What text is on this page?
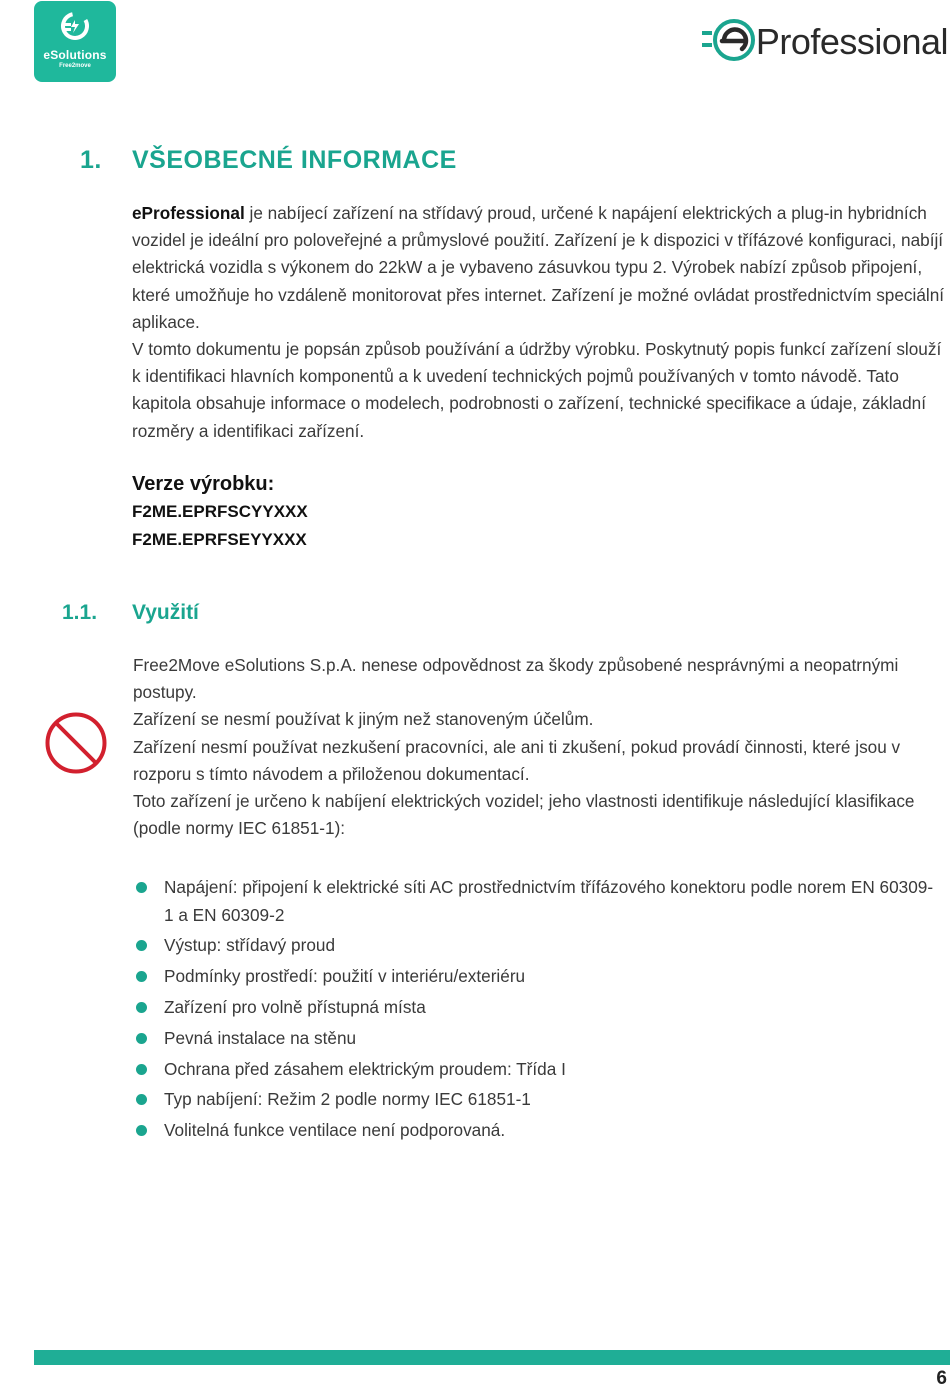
eSolutions
Free2move
Professional
1. VŠEOBECNÉ INFORMACE

eProfessional je nabíjecí zařízení na střídavý proud, určené k napájení elektrických a plug-in hybridních vozidel je ideální pro poloveřejné a průmyslové použití. Zařízení je k dispozici v třífázové konfiguraci, nabíjí elektrická vozidla s výkonem do 22kW a je vybaveno zásuvkou typu 2. Výrobek nabízí způsob připojení, které umožňuje ho vzdáleně monitorovat přes internet. Zařízení je možné ovládat prostřednictvím speciální aplikace.

V tomto dokumentu je popsán způsob používání a údržby výrobku. Poskytnutý popis funkcí zařízení slouží k identifikaci hlavních komponentů a k uvedení technických pojmů používaných v tomto návodě. Tato kapitola obsahuje informace o modelech, podrobnosti o zařízení, technické specifikace a údaje, základní rozměry a identifikaci zařízení.

Verze výrobku:
F2ME.EPRFSCYYXXX
F2ME.EPRFSEYYXXX
1.1. Využití

Free2Move eSolutions S.p.A. nenese odpovědnost za škody způsobené nesprávnými a neopatrnými postupy.

Zařízení se nesmí používat k jiným než stanoveným účelům.

Zařízení nesmí používat nezkušení pracovníci, ale ani ti zkušení, pokud provádí činnosti, které jsou v rozporu s tímto návodem a přiloženou dokumentací.

Toto zařízení je určeno k nabíjení elektrických vozidel; jeho vlastnosti identifikuje následující klasifikace (podle normy IEC 61851-1):

Napájení: připojení k elektrické síti AC prostřednictvím třífázového konektoru podle norem EN 60309-1 a EN 60309-2
Výstup: střídavý proud
Podmínky prostředí: použití v interiéru/exteriéru
Zařízení pro volně přístupná místa
Pevná instalace na stěnu
Ochrana před zásahem elektrickým proudem: Třída I
Typ nabíjení: Režim 2 podle normy IEC 61851-1
Volitelná funkce ventilace není podporovaná.
6
